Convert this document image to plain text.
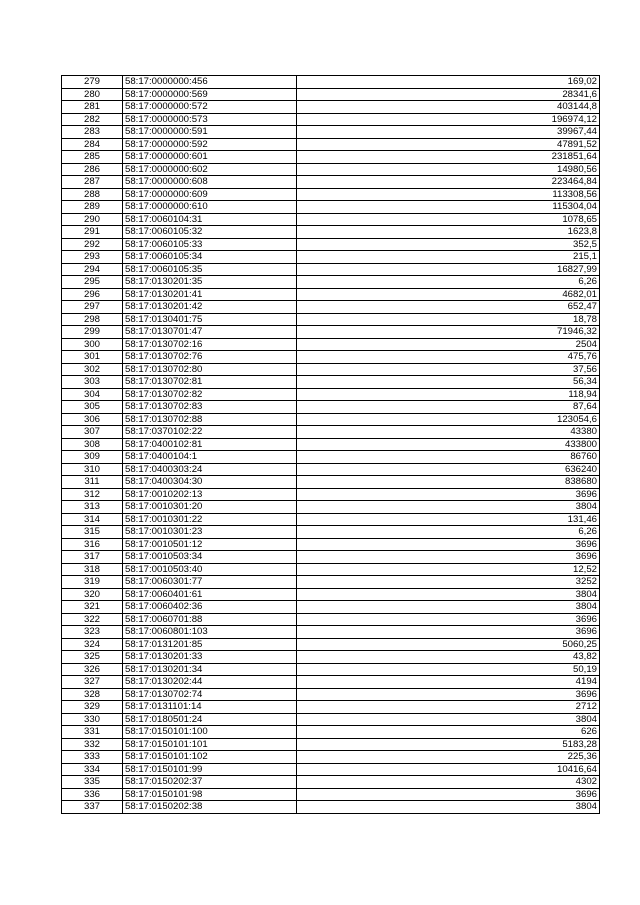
279	58:17:0000000:456	169,02
280	58:17:0000000:569	28341,6
281	58:17:0000000:572	403144,8
282	58:17:0000000:573	196974,12
283	58:17:0000000:591	39967,44
284	58:17:0000000:592	47891,52
285	58:17:0000000:601	231851,64
286	58:17:0000000:602	14980,56
287	58:17:0000000:608	223464,84
288	58:17:0000000:609	113308,56
289	58:17:0000000:610	115304,04
290	58:17:0060104:31	1078,65
291	58:17:0060105:32	1623,8
292	58:17:0060105:33	352,5
293	58:17:0060105:34	215,1
294	58:17:0060105:35	16827,99
295	58:17:0130201:35	6,26
296	58:17:0130201:41	4682,01
297	58:17:0130201:42	652,47
298	58:17:0130401:75	18,78
299	58:17:0130701:47	71946,32
300	58:17:0130702:16	2504
301	58:17:0130702:76	475,76
302	58:17:0130702:80	37,56
303	58:17:0130702:81	56,34
304	58:17:0130702:82	118,94
305	58:17:0130702:83	87,64
306	58:17:0130702:88	123054,6
307	58:17:0370102:22	43380
308	58:17:0400102:81	433800
309	58:17:0400104:1	86760
310	58:17:0400303:24	636240
311	58:17:0400304:30	838680
312	58:17:0010202:13	3696
313	58:17:0010301:20	3804
314	58:17:0010301:22	131,46
315	58:17:0010301:23	6,26
316	58:17:0010501:12	3696
317	58:17:0010503:34	3696
318	58:17:0010503:40	12,52
319	58:17:0060301:77	3252
320	58:17:0060401:61	3804
321	58:17:0060402:36	3804
322	58:17:0060701:88	3696
323	58:17:0060801:103	3696
324	58:17:0131201:85	5060,25
325	58:17:0130201:33	43,82
326	58:17:0130201:34	50,19
327	58:17:0130202:44	4194
328	58:17:0130702:74	3696
329	58:17:0131101:14	2712
330	58:17:0180501:24	3804
331	58:17:0150101:100	626
332	58:17:0150101:101	5183,28
333	58:17:0150101:102	225,36
334	58:17:0150101:99	10416,64
335	58:17:0150202:37	4302
336	58:17:0150101:98	3696
337	58:17:0150202:38	3804
